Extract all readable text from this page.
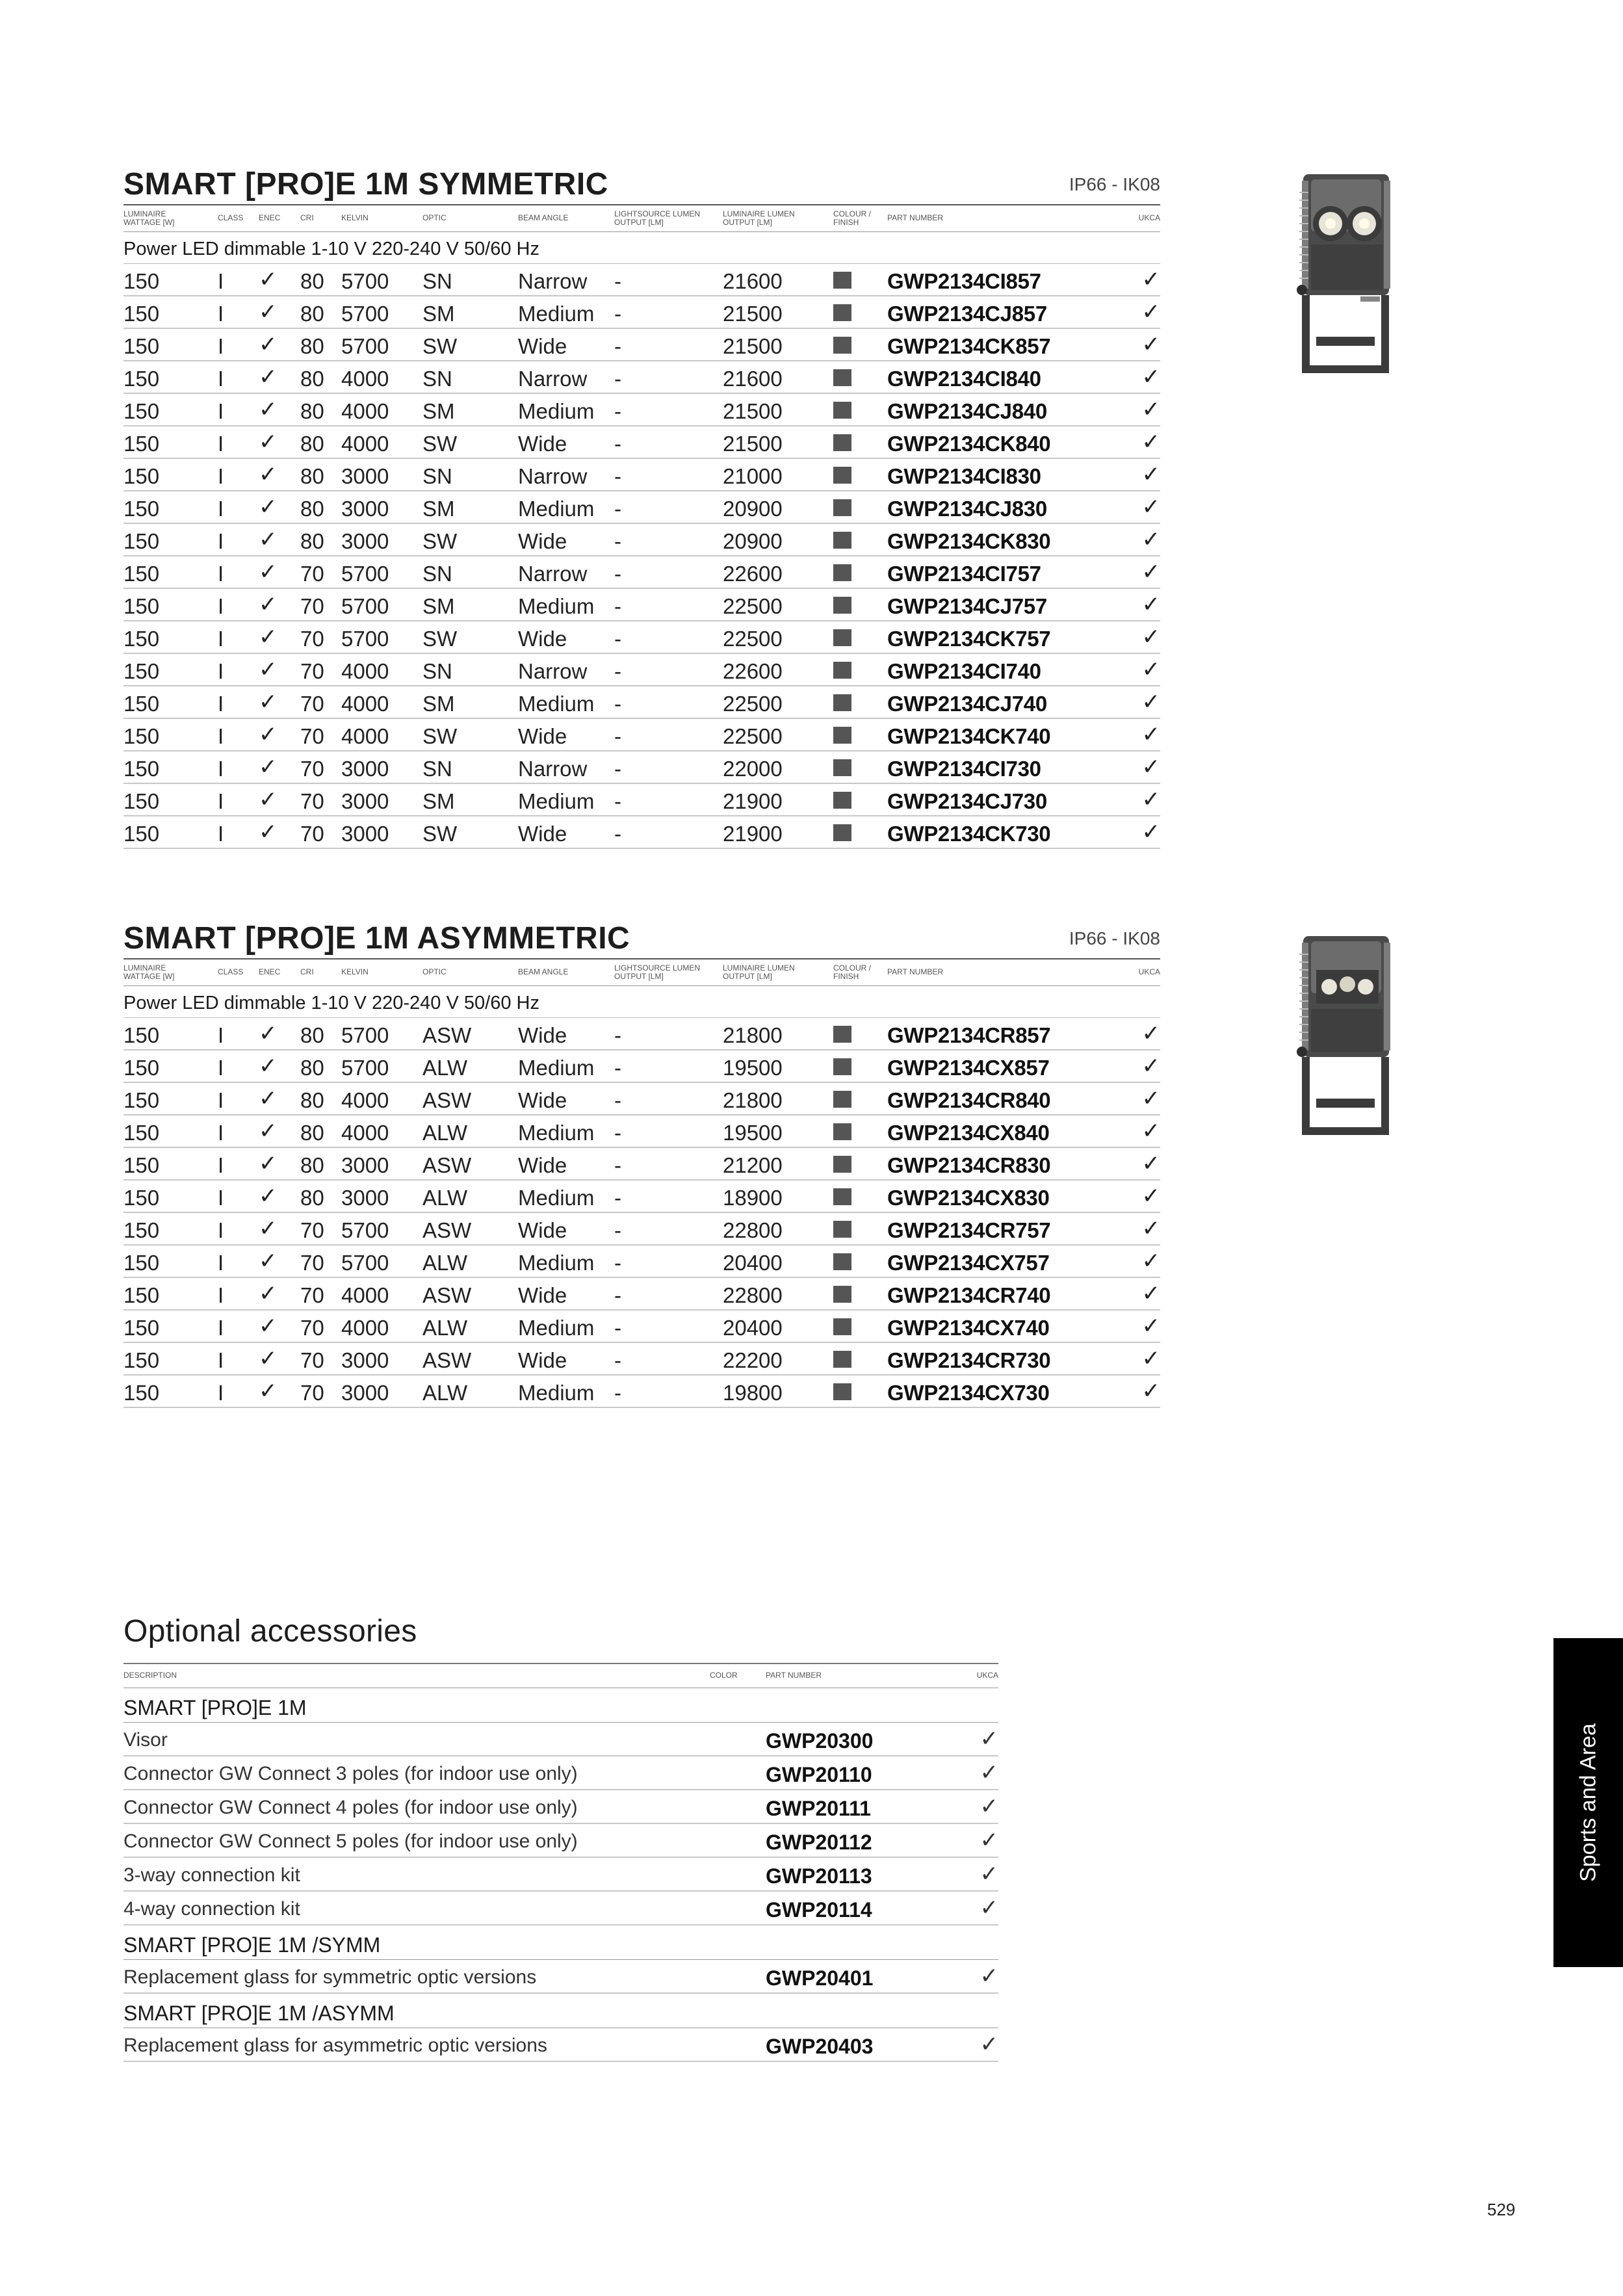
SMART [PRO]E 1M SYMMETRIC	IP66 - IK08
LUMINAIRE
WATTAGE [W]	CLASS ENEC	CRI	KELVIN	OPTIC	BEAM ANGLE	LIGHTSOURCE LUMEN
OUTPUT [LM]
LUMINAIRE LUMEN
OUTPUT [LM]
COLOUR /
FINISH	PART NUMBER	UKCA
Power LED dimmable 1-10 V 220-240 V 50/60 Hz
150	I ✓ 80 5700 SN	Narrow -	21600	GWP2134CI857	✓
150	I ✓ 80 5700 SM	Medium -	21500	GWP2134CJ857	✓
150	I ✓ 80 5700 SW	Wide -	21500	GWP2134CK857	✓
150	I ✓ 80 4000 SN	Narrow -	21600	GWP2134CI840	✓
150	I ✓ 80 4000 SM	Medium -	21500	GWP2134CJ840	✓
150	I ✓ 80 4000 SW	Wide -	21500	GWP2134CK840	✓
150	I ✓ 80 3000 SN	Narrow -	21000	GWP2134CI830	✓
150	I ✓ 80 3000 SM	Medium -	20900	GWP2134CJ830	✓
150	I ✓ 80 3000 SW	Wide -	20900	GWP2134CK830	✓
150	I ✓ 70 5700 SN	Narrow -	22600	GWP2134CI757	✓
150	I ✓ 70 5700 SM	Medium -	22500	GWP2134CJ757	✓
150	I ✓ 70 5700 SW	Wide -	22500	GWP2134CK757	✓
150	I ✓ 70 4000 SN	Narrow -	22600	GWP2134CI740	✓
150	I ✓ 70 4000 SM	Medium -	22500	GWP2134CJ740	✓
150	I ✓ 70 4000 SW	Wide -	22500	GWP2134CK740	✓
150	I ✓ 70 3000 SN	Narrow -	22000	GWP2134CI730	✓
150	I ✓ 70 3000 SM	Medium -	21900	GWP2134CJ730	✓
150	I ✓ 70 3000 SW	Wide -	21900	GWP2134CK730	✓
SMART [PRO]E 1M ASYMMETRIC	IP66 - IK08
LUMINAIRE
WATTAGE [W]	CLASS ENEC	CRI	KELVIN	OPTIC	BEAM ANGLE	LIGHTSOURCE LUMEN
OUTPUT [LM]
LUMINAIRE LUMEN
OUTPUT [LM]
COLOUR /
FINISH	PART NUMBER	UKCA
Power LED dimmable 1-10 V 220-240 V 50/60 Hz
150	I ✓ 80 5700 ASW Wide -	21800	GWP2134CR857	✓
150	I ✓ 80 5700 ALW Medium -	19500	GWP2134CX857	✓
150	I ✓ 80 4000 ASW Wide -	21800	GWP2134CR840	✓
150	I ✓ 80 4000 ALW Medium -	19500	GWP2134CX840	✓
150	I ✓ 80 3000 ASW Wide -	21200	GWP2134CR830	✓
150	I ✓ 80 3000 ALW Medium -	18900	GWP2134CX830	✓
150	I ✓ 70 5700 ASW Wide -	22800	GWP2134CR757	✓
150	I ✓ 70 5700 ALW Medium -	20400	GWP2134CX757	✓
150	I ✓ 70 4000 ASW Wide -	22800	GWP2134CR740	✓
150	I ✓ 70 4000 ALW Medium -	20400	GWP2134CX740	✓
150	I ✓ 70 3000 ASW Wide -	22200	GWP2134CR730	✓
150	I ✓ 70 3000 ALW Medium -	19800	GWP2134CX730	✓
Optional accessories
DESCRIPTION	COLOR	PART NUMBER	UKCA
SMART [PRO]E 1M
Visor	GWP20300	✓
Connector GW Connect 3 poles (for indoor use only)	GWP20110	✓
Connector GW Connect 4 poles (for indoor use only)	GWP20111	✓
Connector GW Connect 5 poles (for indoor use only)	GWP20112	✓
3-way connection kit	GWP20113	✓
4-way connection kit	GWP20114	✓
SMART [PRO]E 1M /SYMM
Replacement glass for symmetric optic versions	GWP20401	✓
SMART [PRO]E 1M /ASYMM
Replacement glass for asymmetric optic versions	GWP20403	✓
Sports and Area
529
